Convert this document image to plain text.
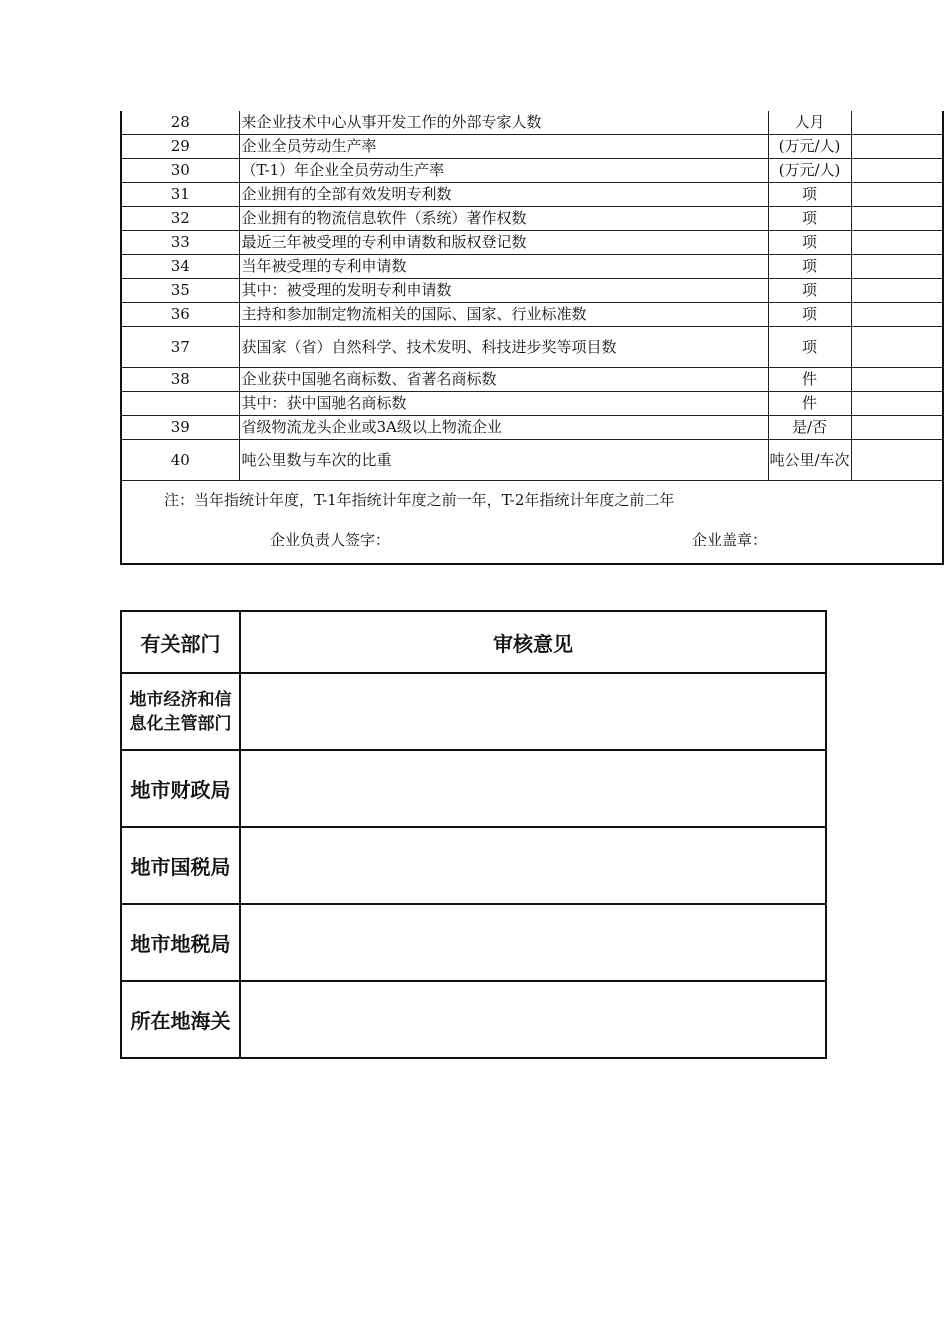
28	来企业技术中心从事开发工作的外部专家人数	人月	
29	企业全员劳动生产率	(万元/人)	
30	（T-1）年企业全员劳动生产率	(万元/人)	
31	企业拥有的全部有效发明专利数	项	
32	企业拥有的物流信息软件（系统）著作权数	项	
33	最近三年被受理的专利申请数和版权登记数	项	
34	当年被受理的专利申请数	项	
35	其中：被受理的发明专利申请数	项	
36	主持和参加制定物流相关的国际、国家、行业标准数	项	
37	获国家（省）自然科学、技术发明、科技进步奖等项目数	项	
38	企业获中国驰名商标数、省著名商标数	件	
	其中：获中国驰名商标数	件	
39	省级物流龙头企业或3A级以上物流企业	是/否	
40	吨公里数与车次的比重	吨公里/车次	

注：当年指统计年度，T-1年指统计年度之前一年，T-2年指统计年度之前二年
企业负责人签字： 企业盖章：			
有关部门	审核意见
地市经济和信息化主管部门	
地市财政局	
地市国税局	
地市地税局	
所在地海关	
